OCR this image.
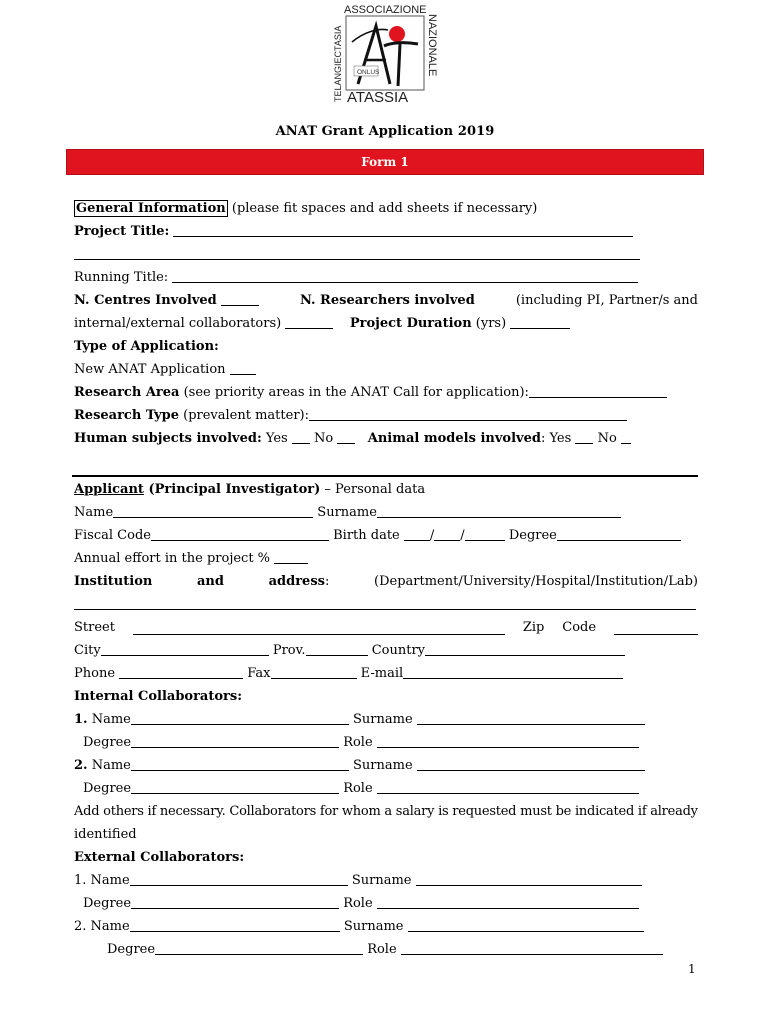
ASSOCIAZIONE
TELANGIECTASIA	NAZIONALE
ATASSIA
ONLUS
ANAT Grant Application 2019
Form 1
General Information (please fit spaces and add sheets if necessary)
Project Title:
Running Title:
N. Centres Involved	N. Researchers involved	(including PI, Partner/s and
internal/external collaborators)	Project Duration (yrs)
Type of Application:
New ANAT Application
Research Area (see priority areas in the ANAT Call for application):
Research Type (prevalent matter):
Human subjects involved: Yes No	Animal models involved: Yes No
Applicant (Principal Investigator) – Personal data
Name	Surname
Fiscal Code	Birth date / /	Degree
Annual effort in the project %
Institution	and	address:	(Department/University/Hospital/Institution/Lab)
Street	Zip Code
City	Prov.	Country
Phone	Fax	E-mail
Internal Collaborators:
1. Name	Surname
Degree	Role
2. Name	Surname
Degree	Role
Add others if necessary. Collaborators for whom a salary is requested must be indicated if already
identified
External Collaborators:
1. Name	Surname
Degree	Role
2. Name	Surname
Degree	Role
1
